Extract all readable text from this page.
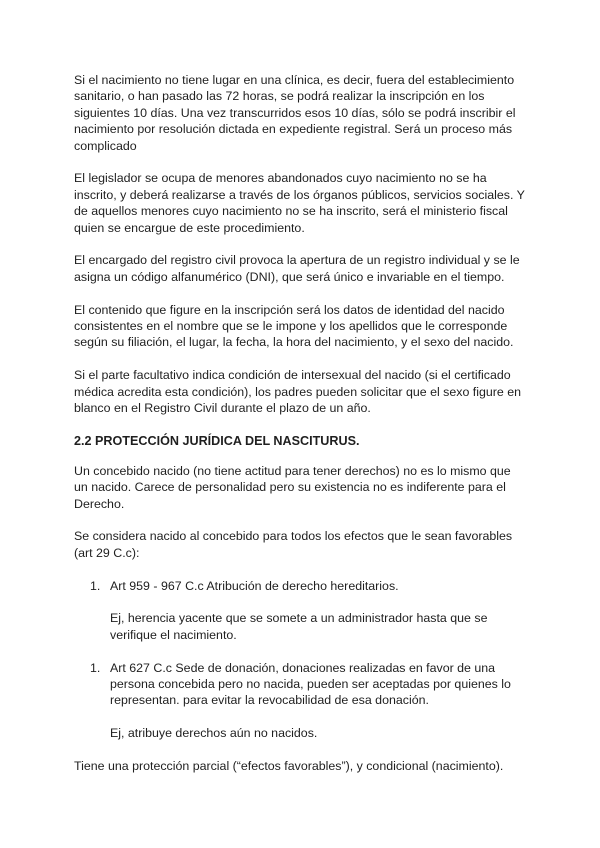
Si el nacimiento no tiene lugar en una clínica, es decir, fuera del establecimiento sanitario, o han pasado las 72 horas, se podrá realizar la inscripción en los siguientes 10 días. Una vez transcurridos esos 10 días, sólo se podrá inscribir el nacimiento por resolución dictada en expediente registral. Será un proceso más complicado

El legislador se ocupa de menores abandonados cuyo nacimiento no se ha inscrito, y deberá realizarse a través de los órganos públicos, servicios sociales. Y de aquellos menores cuyo nacimiento no se ha inscrito, será el ministerio fiscal quien se encargue de este procedimiento.

El encargado del registro civil provoca la apertura de un registro individual y se le asigna un código alfanumérico (DNI), que será único e invariable en el tiempo.

El contenido que figure en la inscripción será los datos de identidad del nacido consistentes en el nombre que se le impone y los apellidos que le corresponde según su filiación, el lugar, la fecha, la hora del nacimiento, y el sexo del nacido.

Si el parte facultativo indica condición de intersexual del nacido (si el certificado médica acredita esta condición), los padres pueden solicitar que el sexo figure en blanco en el Registro Civil durante el plazo de un año.

2.2 PROTECCIÓN JURÍDICA DEL NASCITURUS.

Un concebido nacido (no tiene actitud para tener derechos) no es lo mismo que un nacido. Carece de personalidad pero su existencia no es indiferente para el Derecho.

Se considera nacido al concebido para todos los efectos que le sean favorables (art 29 C.c):

1. Art 959 - 967 C.c Atribución de derecho hereditarios.
Ej, herencia yacente que se somete a un administrador hasta que se verifique el nacimiento.
1. Art 627 C.c Sede de donación, donaciones realizadas en favor de una persona concebida pero no nacida, pueden ser aceptadas por quienes lo representan. para evitar la revocabilidad de esa donación.
Ej, atribuye derechos aún no nacidos.

Tiene una protección parcial (“efectos favorables”), y condicional (nacimiento).
